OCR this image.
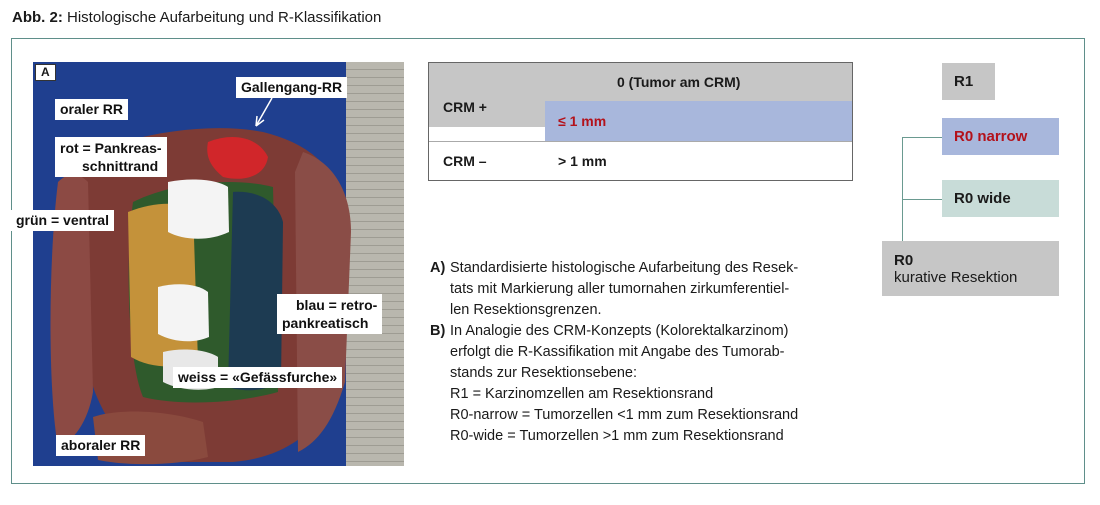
Abb. 2: Histologische Aufarbeitung und R-Klassifikation
A
oraler RR
Gallengang-RR
rot = Pankreas-
schnittrand
grün = ventral
blau = retro-
pankreatisch
weiss = «Gefässfurche»
aboraler RR
0 (Tumor am CRM)
CRM +
≤ 1 mm
CRM –	> 1 mm
A) Standardisierte histologische Aufarbeitung des Resek-
tats mit Markierung aller tumornahen zirkumferentiel-
len Resektionsgrenzen.
B) In Analogie des CRM-Konzepts (Kolorektalkarzinom)
erfolgt die R-Kassifikation mit Angabe des Tumorab-
stands zur Resektionsebene:
R1 = Karzinomzellen am Resektionsrand
R0-narrow = Tumorzellen <1 mm zum Resektionsrand
R0-wide = Tumorzellen >1 mm zum Resektionsrand
R1
R0 narrow
R0 wide
R0
kurative Resektion
